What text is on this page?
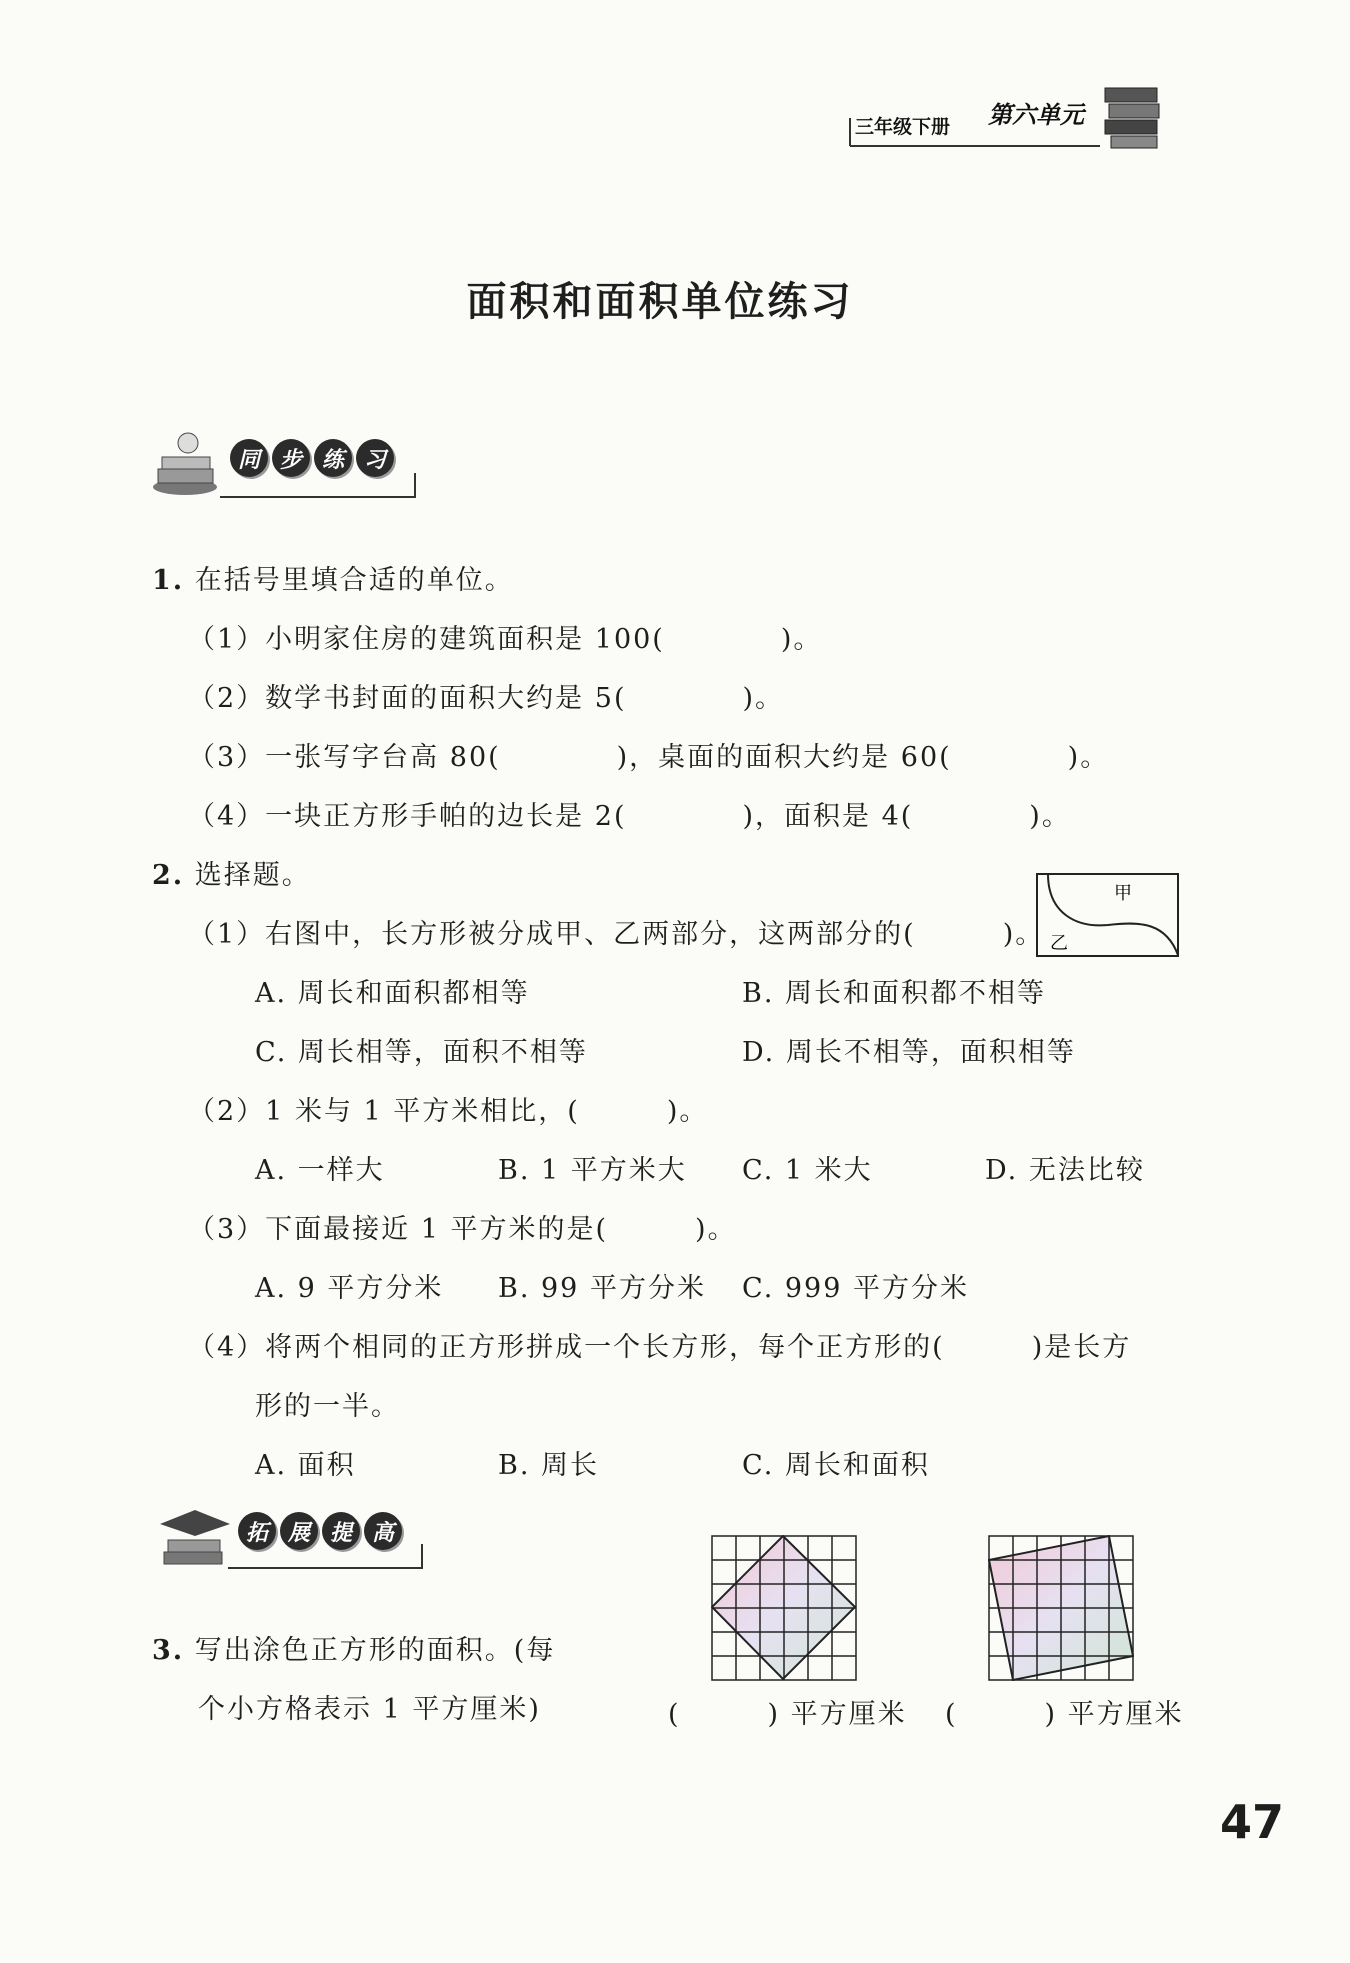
第六单元
三年级下册
面积和面积单位练习
同 步 练 习
1. 在括号里填合适的单位。
（1）小明家住房的建筑面积是 100(　　　　)。
（2）数学书封面的面积大约是 5(　　　　)。
（3）一张写字台高 80(　　　　)，桌面的面积大约是 60(　　　　)。
（4）一块正方形手帕的边长是 2(　　　　)，面积是 4(　　　　)。
2. 选择题。
甲
乙
（1）右图中，长方形被分成甲、乙两部分，这两部分的(　　　)。
A. 周长和面积都相等	B. 周长和面积都不相等
C. 周长相等，面积不相等	D. 周长不相等，面积相等
（2）1 米与 1 平方米相比，(　　　)。
A. 一样大	B. 1 平方米大 C. 1 米大	D. 无法比较
（3）下面最接近 1 平方米的是(　　　)。
A. 9 平方分米 B. 99 平方分米 C. 999 平方分米
（4）将两个相同的正方形拼成一个长方形，每个正方形的(　　　)是长方
形的一半。
A. 面积	B. 周长	C. 周长和面积
拓 展 提 高
3. 写出涂色正方形的面积。(每
个小方格表示 1 平方厘米)	(　　　) 平方厘米 (　　　) 平方厘米
47
